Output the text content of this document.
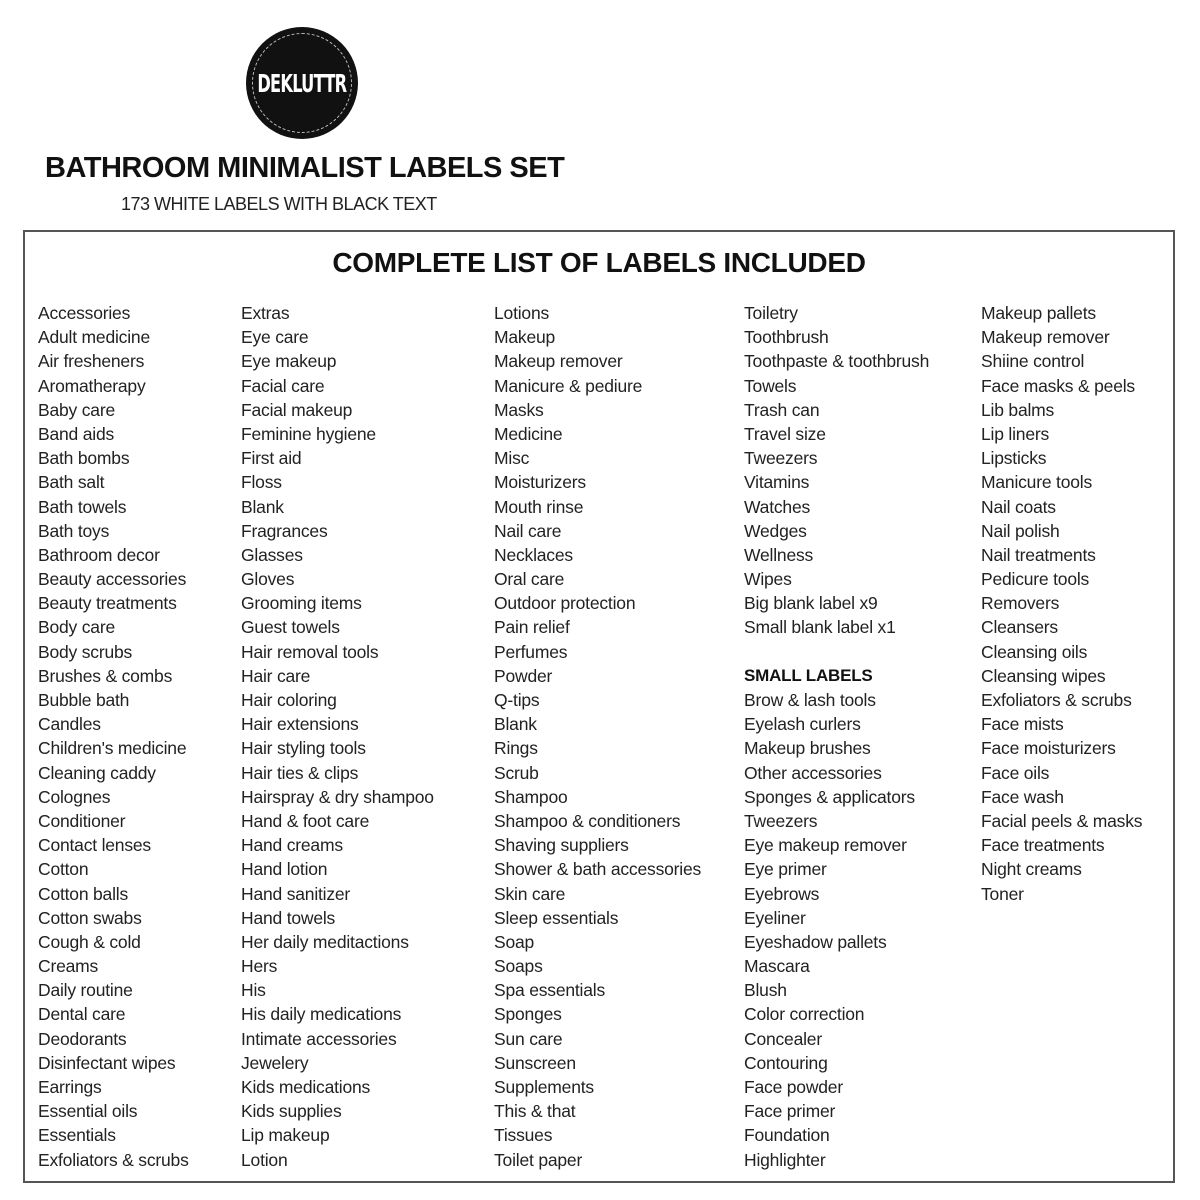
DEKLUTTR
BATHROOM MINIMALIST LABELS SET
173 WHITE LABELS WITH BLACK TEXT
COMPLETE LIST OF LABELS INCLUDED
Accessories
Adult medicine
Air fresheners
Aromatherapy
Baby care
Band aids
Bath bombs
Bath salt
Bath towels
Bath toys
Bathroom decor
Beauty accessories
Beauty treatments
Body care
Body scrubs
Brushes & combs
Bubble bath
Candles
Children's medicine
Cleaning caddy
Colognes
Conditioner
Contact lenses
Cotton
Cotton balls
Cotton swabs
Cough & cold
Creams
Daily routine
Dental care
Deodorants
Disinfectant wipes
Earrings
Essential oils
Essentials
Exfoliators & scrubs
Extras
Eye care
Eye makeup
Facial care
Facial makeup
Feminine hygiene
First aid
Floss
Blank
Fragrances
Glasses
Gloves
Grooming items
Guest towels
Hair removal tools
Hair care
Hair coloring
Hair extensions
Hair styling tools
Hair ties & clips
Hairspray & dry shampoo
Hand & foot care
Hand creams
Hand lotion
Hand sanitizer
Hand towels
Her daily meditactions
Hers
His
His daily medications
Intimate accessories
Jewelery
Kids medications
Kids supplies
Lip makeup
Lotion
Lotions
Makeup
Makeup remover
Manicure & pediure
Masks
Medicine
Misc
Moisturizers
Mouth rinse
Nail care
Necklaces
Oral care
Outdoor protection
Pain relief
Perfumes
Powder
Q-tips
Blank
Rings
Scrub
Shampoo
Shampoo & conditioners
Shaving suppliers
Shower & bath accessories
Skin care
Sleep essentials
Soap
Soaps
Spa essentials
Sponges
Sun care
Sunscreen
Supplements
This & that
Tissues
Toilet paper
Toiletry
Toothbrush
Toothpaste & toothbrush
Towels
Trash can
Travel size
Tweezers
Vitamins
Watches
Wedges
Wellness
Wipes
Big blank label x9
Small blank label x1
SMALL LABELS
Brow & lash tools
Eyelash curlers
Makeup brushes
Other accessories
Sponges & applicators
Tweezers
Eye makeup remover
Eye primer
Eyebrows
Eyeliner
Eyeshadow pallets
Mascara
Blush
Color correction
Concealer
Contouring
Face powder
Face primer
Foundation
Highlighter
Makeup pallets
Makeup remover
Shiine control
Face masks & peels
Lib balms
Lip liners
Lipsticks
Manicure tools
Nail coats
Nail polish
Nail treatments
Pedicure tools
Removers
Cleansers
Cleansing oils
Cleansing wipes
Exfoliators & scrubs
Face mists
Face moisturizers
Face oils
Face wash
Facial peels & masks
Face treatments
Night creams
Toner
